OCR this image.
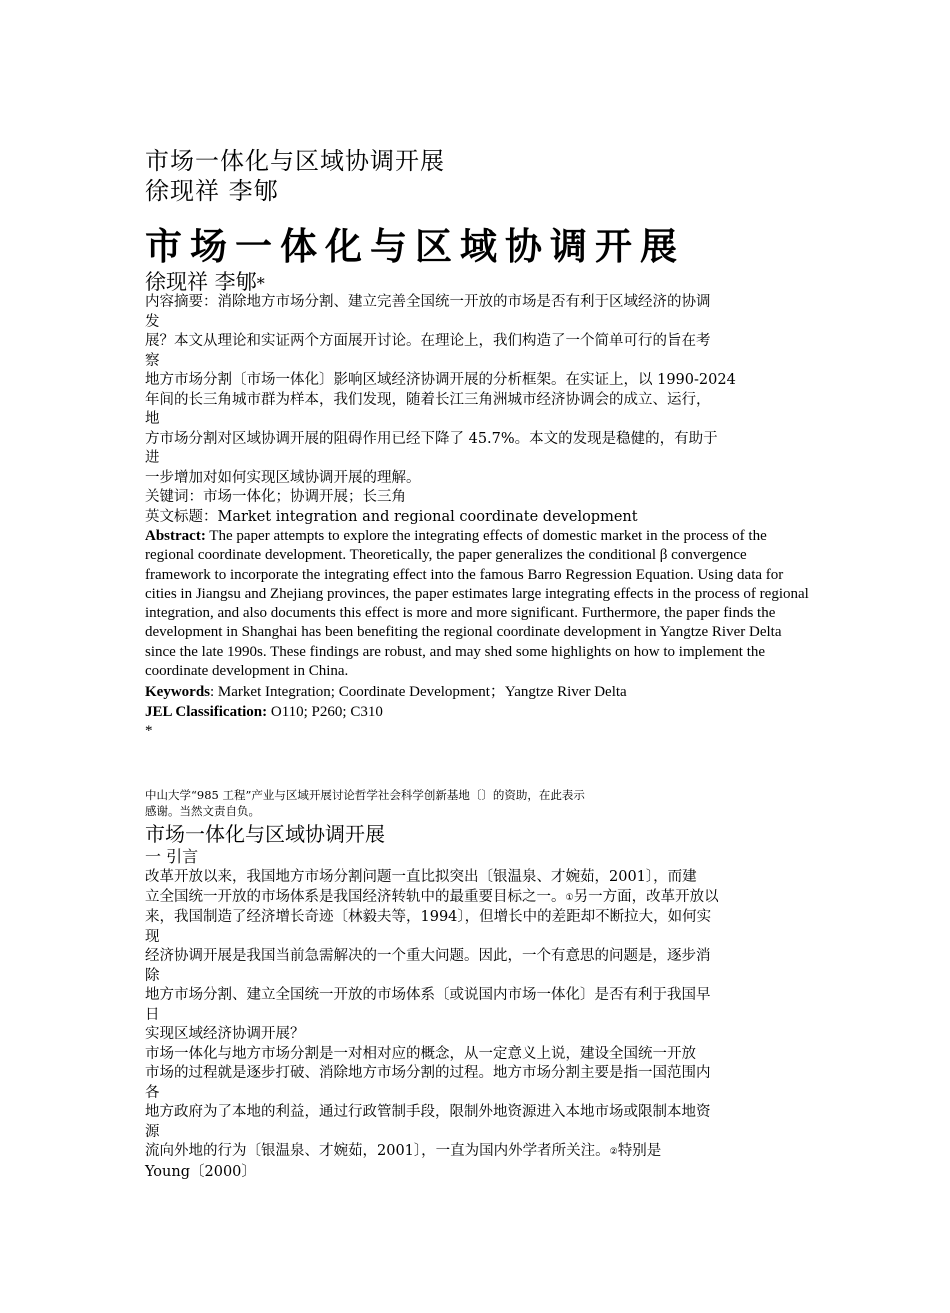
市场一体化与区域协调开展
徐现祥 李郇
市场一体化与区域协调开展
徐现祥 李郇*
内容摘要：消除地方市场分割、建立完善全国统一开放的市场是否有利于区域经济的协调
发
展？本文从理论和实证两个方面展开讨论。在理论上，我们构造了一个简单可行的旨在考
察
地方市场分割〔市场一体化〕影响区域经济协调开展的分析框架。在实证上，以 1990-2024
年间的长三角城市群为样本，我们发现，随着长江三角洲城市经济协调会的成立、运行，
地
方市场分割对区域协调开展的阻碍作用已经下降了 45.7%。本文的发现是稳健的，有助于
进
一步增加对如何实现区域协调开展的理解。
关键词：市场一体化；协调开展；长三角
英文标题：Market integration and regional coordinate development
Abstract: The paper attempts to explore the integrating effects of domestic market in the process of the regional coordinate development. Theoretically, the paper generalizes the conditional β convergence framework to incorporate the integrating effect into the famous Barro Regression Equation. Using data for cities in Jiangsu and Zhejiang provinces, the paper estimates large integrating effects in the process of regional integration, and also documents this effect is more and more significant. Furthermore, the paper finds the development in Shanghai has been benefiting the regional coordinate development in Yangtze River Delta since the late 1990s. These findings are robust, and may shed some highlights on how to implement the coordinate development in China.
Keywords: Market Integration; Coordinate Development；Yangtze River Delta
JEL Classification: O110; P260; C310
*
中山大学“985 工程”产业与区域开展讨论哲学社会科学创新基地〔〕的资助，在此表示
感谢。当然文责自负。
市场一体化与区域协调开展
一 引言
改革开放以来，我国地方市场分割问题一直比拟突出〔银温泉、才婉茹，2001〕，而建
立全国统一开放的市场体系是我国经济转轨中的最重要目标之一。①另一方面，改革开放以
来，我国制造了经济增长奇迹〔林毅夫等，1994〕，但增长中的差距却不断拉大，如何实
现
经济协调开展是我国当前急需解决的一个重大问题。因此，一个有意思的问题是，逐步消
除
地方市场分割、建立全国统一开放的市场体系〔或说国内市场一体化〕是否有利于我国早
日
实现区域经济协调开展？
市场一体化与地方市场分割是一对相对应的概念，从一定意义上说，建设全国统一开放
市场的过程就是逐步打破、消除地方市场分割的过程。地方市场分割主要是指一国范围内
各
地方政府为了本地的利益，通过行政管制手段，限制外地资源进入本地市场或限制本地资
源
流向外地的行为〔银温泉、才婉茹，2001〕，一直为国内外学者所关注。②特别是
Young〔2000〕
